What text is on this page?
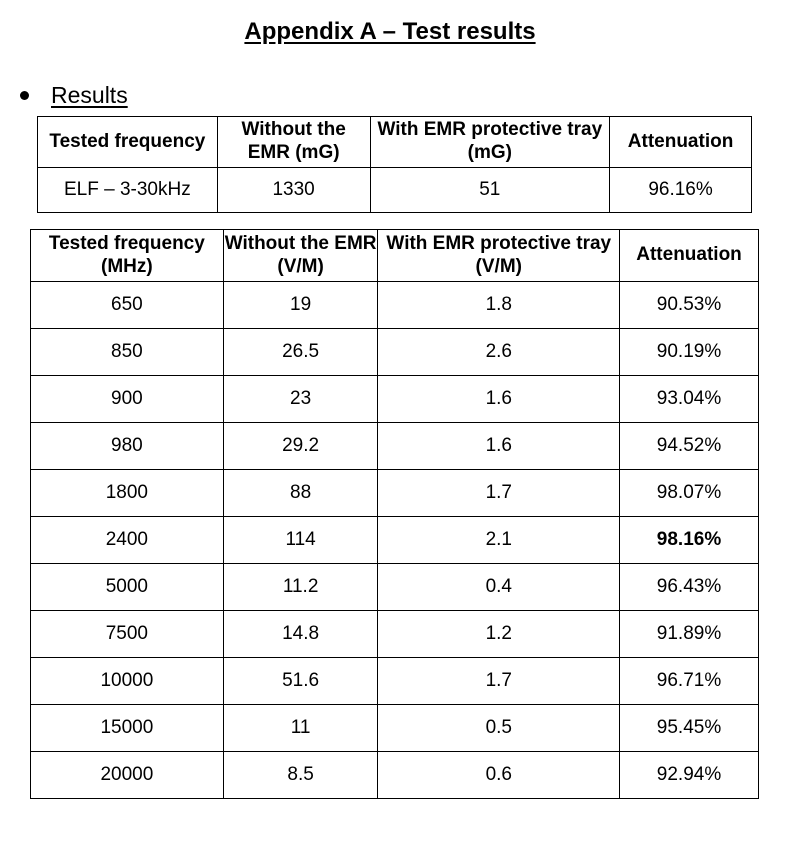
Appendix A – Test results
Results
Tested frequency	Without the EMR (mG)	With EMR protective tray (mG)	Attenuation
ELF – 3-30kHz	1330	51	96.16%
Tested frequency (MHz)	Without the EMR (V/M)	With EMR protective tray (V/M)	Attenuation
650	19	1.8	90.53%
850	26.5	2.6	90.19%
900	23	1.6	93.04%
980	29.2	1.6	94.52%
1800	88	1.7	98.07%
2400	114	2.1	98.16%
5000	11.2	0.4	96.43%
7500	14.8	1.2	91.89%
10000	51.6	1.7	96.71%
15000	11	0.5	95.45%
20000	8.5	0.6	92.94%
